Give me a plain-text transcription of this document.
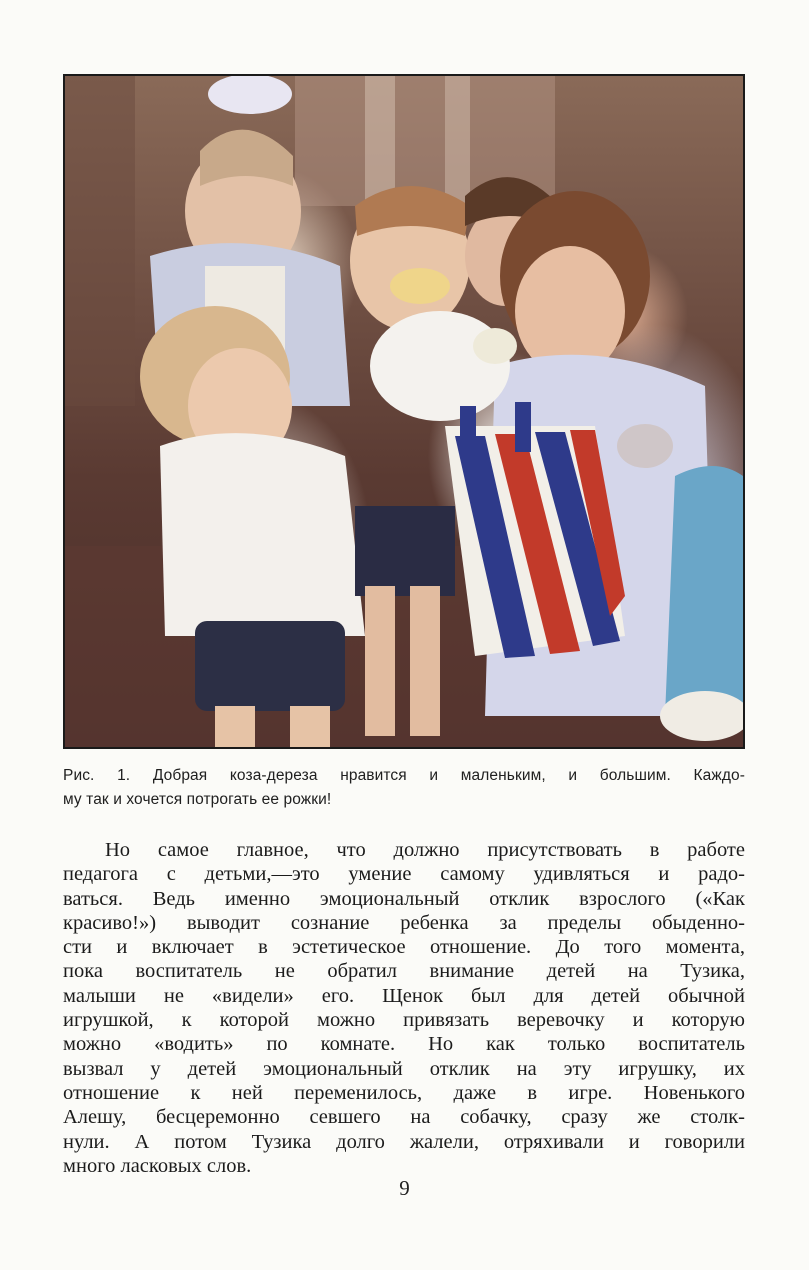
Рис. 1. Добрая коза-дереза нравится и маленьким, и большим. Каждо-
му так и хочется потрогать ее рожки!
Но самое главное, что должно присутствовать в работе
педагога с детьми,—это умение самому удивляться и радо-
ваться. Ведь именно эмоциональный отклик взрослого («Как
красиво!») выводит сознание ребенка за пределы обыденно-
сти и включает в эстетическое отношение. До того момента,
пока воспитатель не обратил внимание детей на Тузика,
малыши не «видели» его. Щенок был для детей обычной
игрушкой, к которой можно привязать веревочку и которую
можно «водить» по комнате. Но как только воспитатель
вызвал у детей эмоциональный отклик на эту игрушку, их
отношение к ней переменилось, даже в игре. Новенького
Алешу, бесцеремонно севшего на собачку, сразу же столк-
нули. А потом Тузика долго жалели, отряхивали и говорили
много ласковых слов.
9
